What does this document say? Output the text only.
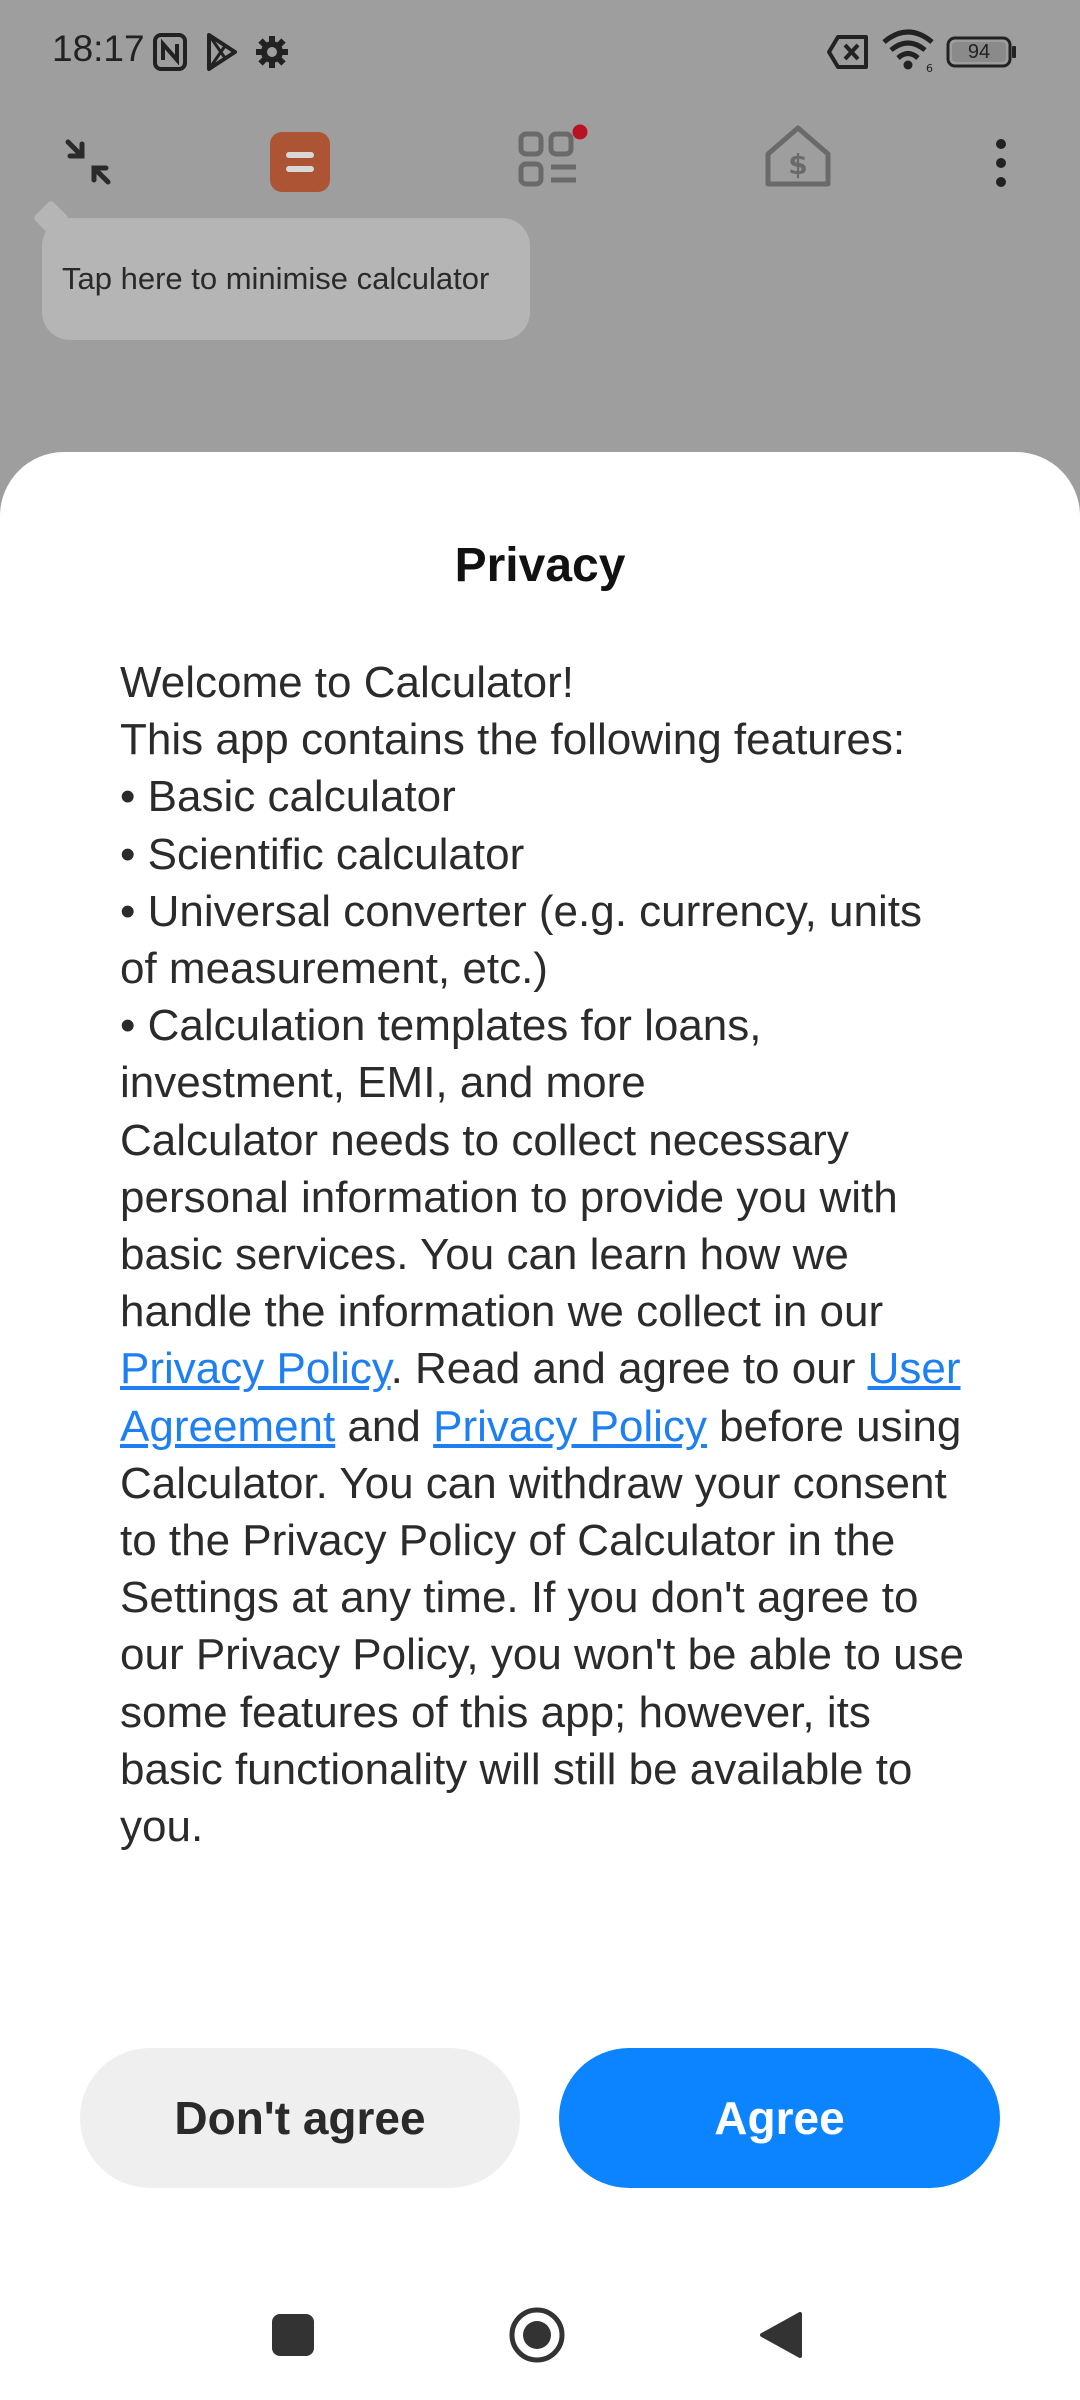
18:17	6
94
$
Tap here to minimise calculator
Privacy

Welcome to Calculator!

This app contains the following features:

• Basic calculator

• Scientific calculator

• Universal converter (e.g. currency, units of measurement, etc.)

• Calculation templates for loans, investment, EMI, and more

Calculator needs to collect necessary personal information to provide you with basic services. You can learn how we handle the information we collect in our Privacy Policy. Read and agree to our User Agreement and Privacy Policy before using Calculator. You can withdraw your consent to the Privacy Policy of Calculator in the Settings at any time. If you don't agree to our Privacy Policy, you won't be able to use some features of this app; however, its basic functionality will still be available to you.

Don't agree	Agree
